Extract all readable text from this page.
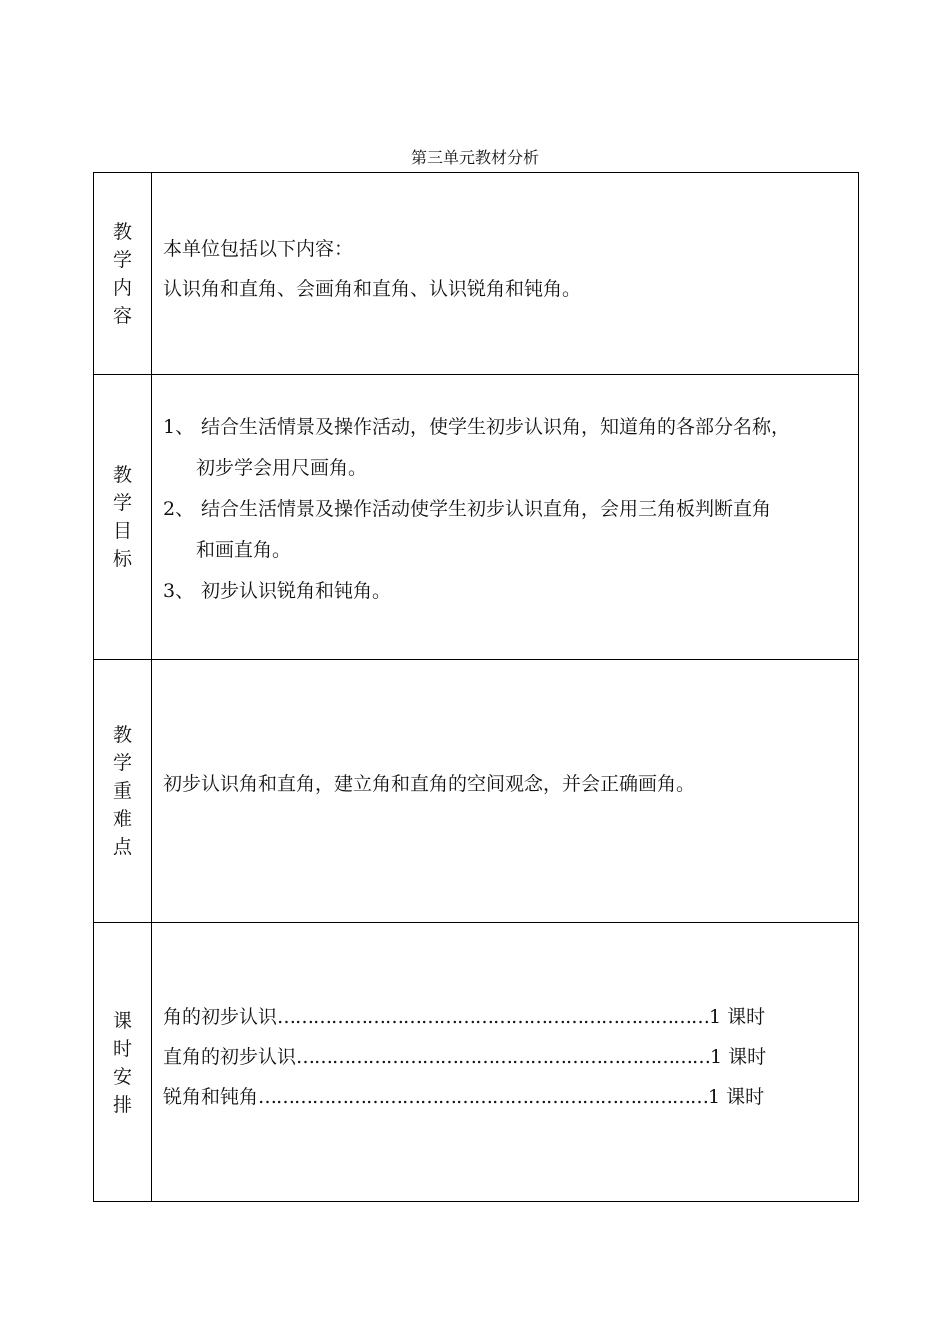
第三单元教材分析
教
学
内
容

本单位包括以下内容：

认识角和直角、会画角和直角、认识锐角和钝角。

教
学
目
标

1、 结合生活情景及操作活动，使学生初步认识角，知道角的各部分名称，

初步学会用尺画角。

2、 结合生活情景及操作活动使学生初步认识直角，会用三角板判断直角

和画直角。

3、 初步认识锐角和钝角。

教
学
重
难
点
初步认识角和直角，建立角和直角的空间观念，并会正确画角。
课
时
安
排

角的初步认识………………………………………………………………1 课时

直角的初步认识……………………………………………………………1 课时

锐角和钝角…………………………………………………………………1 课时
